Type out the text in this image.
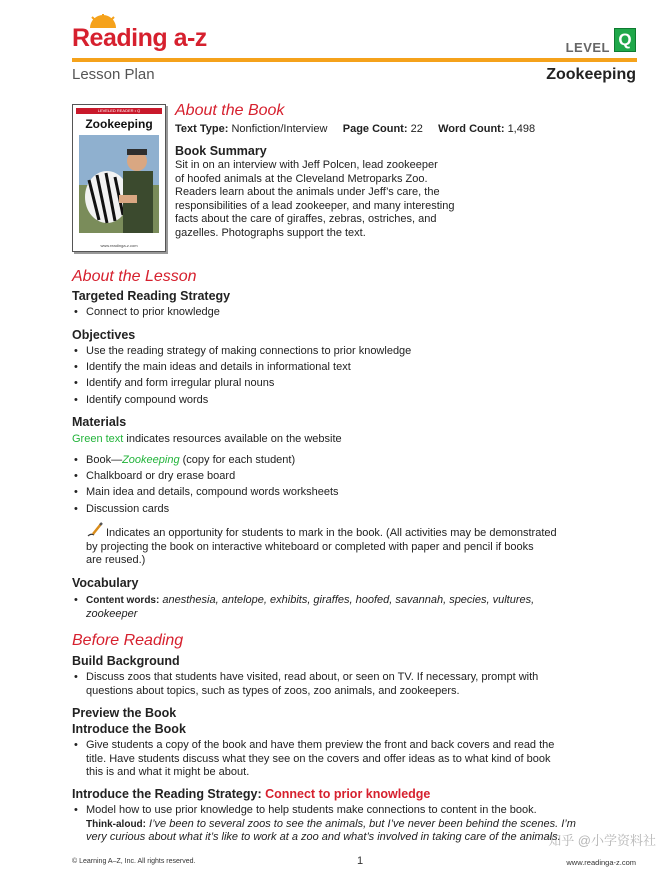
Reading a-z	LEVEL Q
Lesson Plan	Zookeeping
LEVELED READER • Q
Zookeeping
www.readinga-z.com
About the Book
Text Type: Nonfiction/Interview Page Count: 22 Word Count: 1,498
Book Summary
Sit in on an interview with Jeff Polcen, lead zookeeper
of hoofed animals at the Cleveland Metroparks Zoo.
Readers learn about the animals under Jeff’s care, the
responsibilities of a lead zookeeper, and many interesting
facts about the care of giraffes, zebras, ostriches, and
gazelles. Photographs support the text.
About the Lesson
Targeted Reading Strategy
• Connect to prior knowledge
Objectives
• Use the reading strategy of making connections to prior knowledge
• Identify the main ideas and details in informational text
• Identify and form irregular plural nouns
• Identify compound words
Materials
Green text indicates resources available on the website
• Book—Zookeeping (copy for each student)
• Chalkboard or dry erase board
• Main idea and details, compound words worksheets
• Discussion cards
Indicates an opportunity for students to mark in the book. (All activities may be demonstrated
by projecting the book on interactive whiteboard or completed with paper and pencil if books
are reused.)
Vocabulary
• Content words: anesthesia, antelope, exhibits, giraffes, hoofed, savannah, species, vultures,
zookeeper
Before Reading
Build Background
• Discuss zoos that students have visited, read about, or seen on TV. If necessary, prompt with
questions about topics, such as types of zoos, zoo animals, and zookeepers.
Preview the Book
Introduce the Book
• Give students a copy of the book and have them preview the front and back covers and read the
title. Have students discuss what they see on the covers and offer ideas as to what kind of book
this is and what it might be about.
Introduce the Reading Strategy: Connect to prior knowledge
• Model how to use prior knowledge to help students make connections to content in the book.
Think-aloud: I’ve been to several zoos to see the animals, but I’ve never been behind the scenes. I’m
very curious about what it’s like to work at a zoo and what’s involved in taking care of the animals.
知乎 @小学资料社
© Learning A–Z, Inc. All rights reserved.	1	www.readinga-z.com
